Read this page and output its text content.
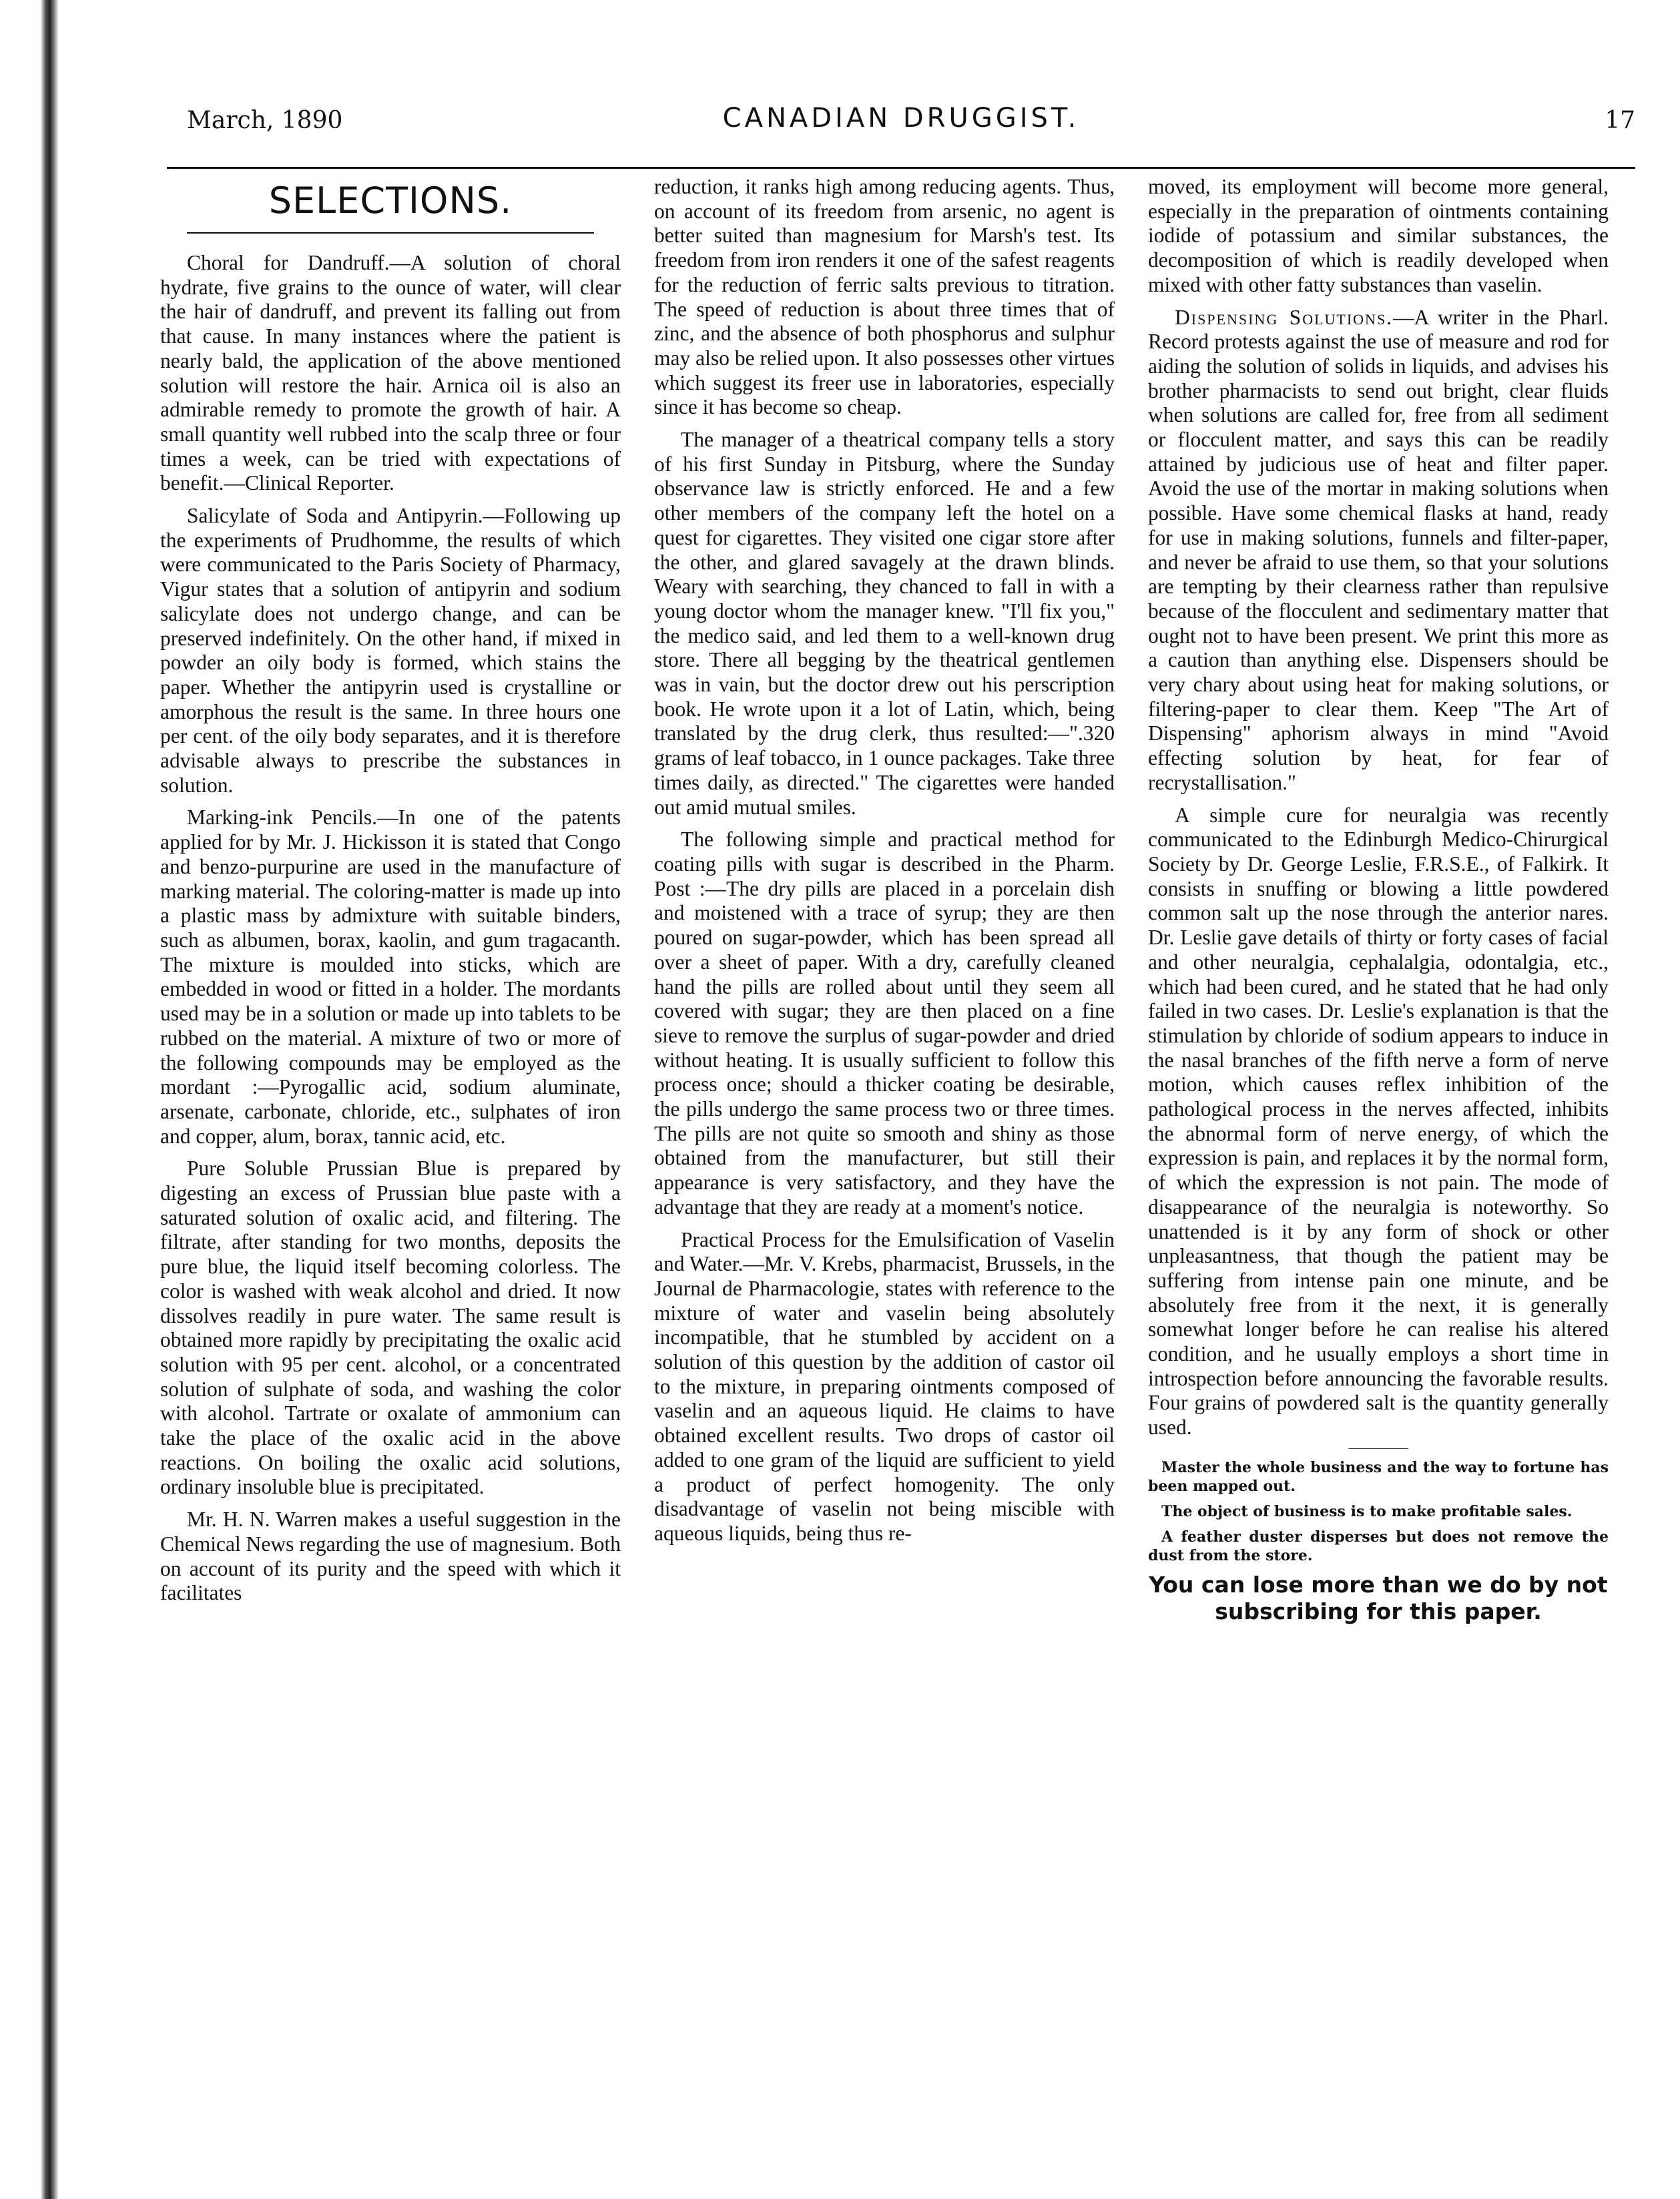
March, 1890	CANADIAN DRUGGIST.	17
SELECTIONS.

Choral for Dandruff.—A solution of choral hydrate, five grains to the ounce of water, will clear the hair of dandruff, and prevent its falling out from that cause. In many instances where the patient is nearly bald, the application of the above mentioned solution will restore the hair. Arnica oil is also an admirable remedy to promote the growth of hair. A small quantity well rubbed into the scalp three or four times a week, can be tried with expectations of benefit.—Clinical Reporter.

Salicylate of Soda and Antipyrin.—Following up the experiments of Prudhomme, the results of which were communicated to the Paris Society of Pharmacy, Vigur states that a solution of antipyrin and sodium salicylate does not undergo change, and can be preserved indefinitely. On the other hand, if mixed in powder an oily body is formed, which stains the paper. Whether the antipyrin used is crystalline or amorphous the result is the same. In three hours one per cent. of the oily body separates, and it is therefore advisable always to prescribe the substances in solution.

Marking-ink Pencils.—In one of the patents applied for by Mr. J. Hickisson it is stated that Congo and benzo-purpurine are used in the manufacture of marking material. The coloring-matter is made up into a plastic mass by admixture with suitable binders, such as albumen, borax, kaolin, and gum tragacanth. The mixture is moulded into sticks, which are embedded in wood or fitted in a holder. The mordants used may be in a solution or made up into tablets to be rubbed on the material. A mixture of two or more of the following compounds may be employed as the mordant :—Pyrogallic acid, sodium aluminate, arsenate, carbonate, chloride, etc., sulphates of iron and copper, alum, borax, tannic acid, etc.

Pure Soluble Prussian Blue is prepared by digesting an excess of Prussian blue paste with a saturated solution of oxalic acid, and filtering. The filtrate, after standing for two months, deposits the pure blue, the liquid itself becoming colorless. The color is washed with weak alcohol and dried. It now dissolves readily in pure water. The same result is obtained more rapidly by precipitating the oxalic acid solution with 95 per cent. alcohol, or a concentrated solution of sulphate of soda, and washing the color with alcohol. Tartrate or oxalate of ammonium can take the place of the oxalic acid in the above reactions. On boiling the oxalic acid solutions, ordinary insoluble blue is precipitated.

Mr. H. N. Warren makes a useful suggestion in the Chemical News regarding the use of magnesium. Both on account of its purity and the speed with which it facilitates

reduction, it ranks high among reducing agents. Thus, on account of its freedom from arsenic, no agent is better suited than magnesium for Marsh's test. Its freedom from iron renders it one of the safest reagents for the reduction of ferric salts previous to titration. The speed of reduction is about three times that of zinc, and the absence of both phosphorus and sulphur may also be relied upon. It also possesses other virtues which suggest its freer use in laboratories, especially since it has become so cheap.

The manager of a theatrical company tells a story of his first Sunday in Pitsburg, where the Sunday observance law is strictly enforced. He and a few other members of the company left the hotel on a quest for cigarettes. They visited one cigar store after the other, and glared savagely at the drawn blinds. Weary with searching, they chanced to fall in with a young doctor whom the manager knew. "I'll fix you," the medico said, and led them to a well-known drug store. There all begging by the theatrical gentlemen was in vain, but the doctor drew out his perscription book. He wrote upon it a lot of Latin, which, being translated by the drug clerk, thus resulted:—".320 grams of leaf tobacco, in 1 ounce packages. Take three times daily, as directed." The cigarettes were handed out amid mutual smiles.

The following simple and practical method for coating pills with sugar is described in the Pharm. Post :—The dry pills are placed in a porcelain dish and moistened with a trace of syrup; they are then poured on sugar-powder, which has been spread all over a sheet of paper. With a dry, carefully cleaned hand the pills are rolled about until they seem all covered with sugar; they are then placed on a fine sieve to remove the surplus of sugar-powder and dried without heating. It is usually sufficient to follow this process once; should a thicker coating be desirable, the pills undergo the same process two or three times. The pills are not quite so smooth and shiny as those obtained from the manufacturer, but still their appearance is very satisfactory, and they have the advantage that they are ready at a moment's notice.

Practical Process for the Emulsification of Vaselin and Water.—Mr. V. Krebs, pharmacist, Brussels, in the Journal de Pharmacologie, states with reference to the mixture of water and vaselin being absolutely incompatible, that he stumbled by accident on a solution of this question by the addition of castor oil to the mixture, in preparing ointments composed of vaselin and an aqueous liquid. He claims to have obtained excellent results. Two drops of castor oil added to one gram of the liquid are sufficient to yield a product of perfect homogenity. The only disadvantage of vaselin not being miscible with aqueous liquids, being thus re-

moved, its employment will become more general, especially in the preparation of ointments containing iodide of potassium and similar substances, the decomposition of which is readily developed when mixed with other fatty substances than vaselin.

Dispensing Solutions.—A writer in the Pharl. Record protests against the use of measure and rod for aiding the solution of solids in liquids, and advises his brother pharmacists to send out bright, clear fluids when solutions are called for, free from all sediment or flocculent matter, and says this can be readily attained by judicious use of heat and filter paper. Avoid the use of the mortar in making solutions when possible. Have some chemical flasks at hand, ready for use in making solutions, funnels and filter-paper, and never be afraid to use them, so that your solutions are tempting by their clearness rather than repulsive because of the flocculent and sedimentary matter that ought not to have been present. We print this more as a caution than anything else. Dispensers should be very chary about using heat for making solutions, or filtering-paper to clear them. Keep "The Art of Dispensing" aphorism always in mind "Avoid effecting solution by heat, for fear of recrystallisation."

A simple cure for neuralgia was recently communicated to the Edinburgh Medico-Chirurgical Society by Dr. George Leslie, F.R.S.E., of Falkirk. It consists in snuffing or blowing a little powdered common salt up the nose through the anterior nares. Dr. Leslie gave details of thirty or forty cases of facial and other neuralgia, cephalalgia, odontalgia, etc., which had been cured, and he stated that he had only failed in two cases. Dr. Leslie's explanation is that the stimulation by chloride of sodium appears to induce in the nasal branches of the fifth nerve a form of nerve motion, which causes reflex inhibition of the pathological process in the nerves affected, inhibits the abnormal form of nerve energy, of which the expression is pain, and replaces it by the normal form, of which the expression is not pain. The mode of disappearance of the neuralgia is noteworthy. So unattended is it by any form of shock or other unpleasantness, that though the patient may be suffering from intense pain one minute, and be absolutely free from it the next, it is generally somewhat longer before he can realise his altered condition, and he usually employs a short time in introspection before announcing the favorable results. Four grains of powdered salt is the quantity generally used.

Master the whole business and the way to fortune has been mapped out.

The object of business is to make profitable sales.

A feather duster disperses but does not remove the dust from the store.

You can lose more than we do by not subscribing for this paper.
